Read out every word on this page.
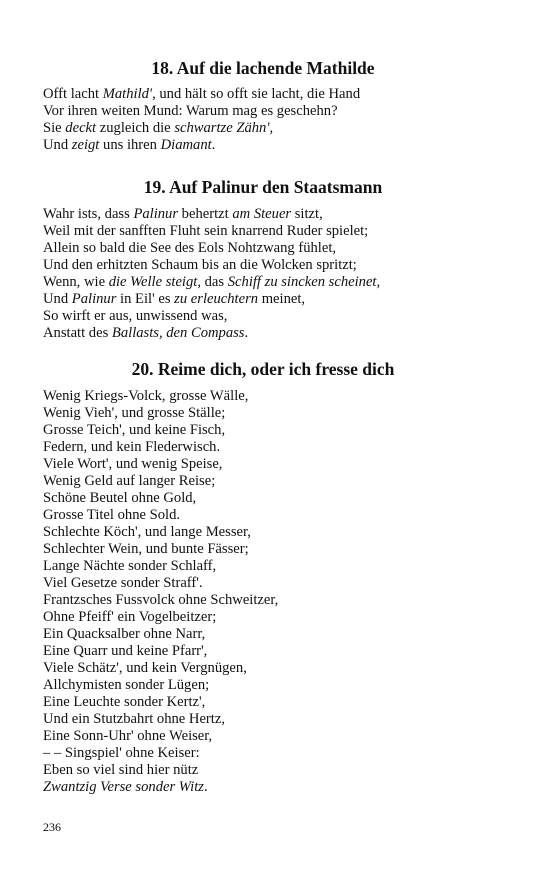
18. Auf die lachende Mathilde
Offt lacht Mathild', und hält so offt sie lacht, die Hand
Vor ihren weiten Mund: Warum mag es geschehn?
Sie deckt zugleich die schwartze Zähn',
Und zeigt uns ihren Diamant.
19. Auf Palinur den Staatsmann
Wahr ists, dass Palinur behertzt am Steuer sitzt,
Weil mit der sanfften Fluht sein knarrend Ruder spielet;
Allein so bald die See des Eols Nohtzwang fühlet,
Und den erhitzten Schaum bis an die Wolcken spritzt;
Wenn, wie die Welle steigt, das Schiff zu sincken scheinet,
Und Palinur in Eil' es zu erleuchtern meinet,
So wirft er aus, unwissend was,
Anstatt des Ballasts, den Compass.
20. Reime dich, oder ich fresse dich
Wenig Kriegs-Volck, grosse Wälle,
Wenig Vieh', und grosse Ställe;
Grosse Teich', und keine Fisch,
Federn, und kein Flederwisch.
Viele Wort', und wenig Speise,
Wenig Geld auf langer Reise;
Schöne Beutel ohne Gold,
Grosse Titel ohne Sold.
Schlechte Köch', und lange Messer,
Schlechter Wein, und bunte Fässer;
Lange Nächte sonder Schlaff,
Viel Gesetze sonder Straff'.
Frantzsches Fussvolck ohne Schweitzer,
Ohne Pfeiff' ein Vogelbeitzer;
Ein Quacksalber ohne Narr,
Eine Quarr und keine Pfarr',
Viele Schätz', und kein Vergnügen,
Allchymisten sonder Lügen;
Eine Leuchte sonder Kertz',
Und ein Stutzbahrt ohne Hertz,
Eine Sonn-Uhr' ohne Weiser,
– – Singspiel' ohne Keiser:
Eben so viel sind hier nütz
Zwantzig Verse sonder Witz.
236
